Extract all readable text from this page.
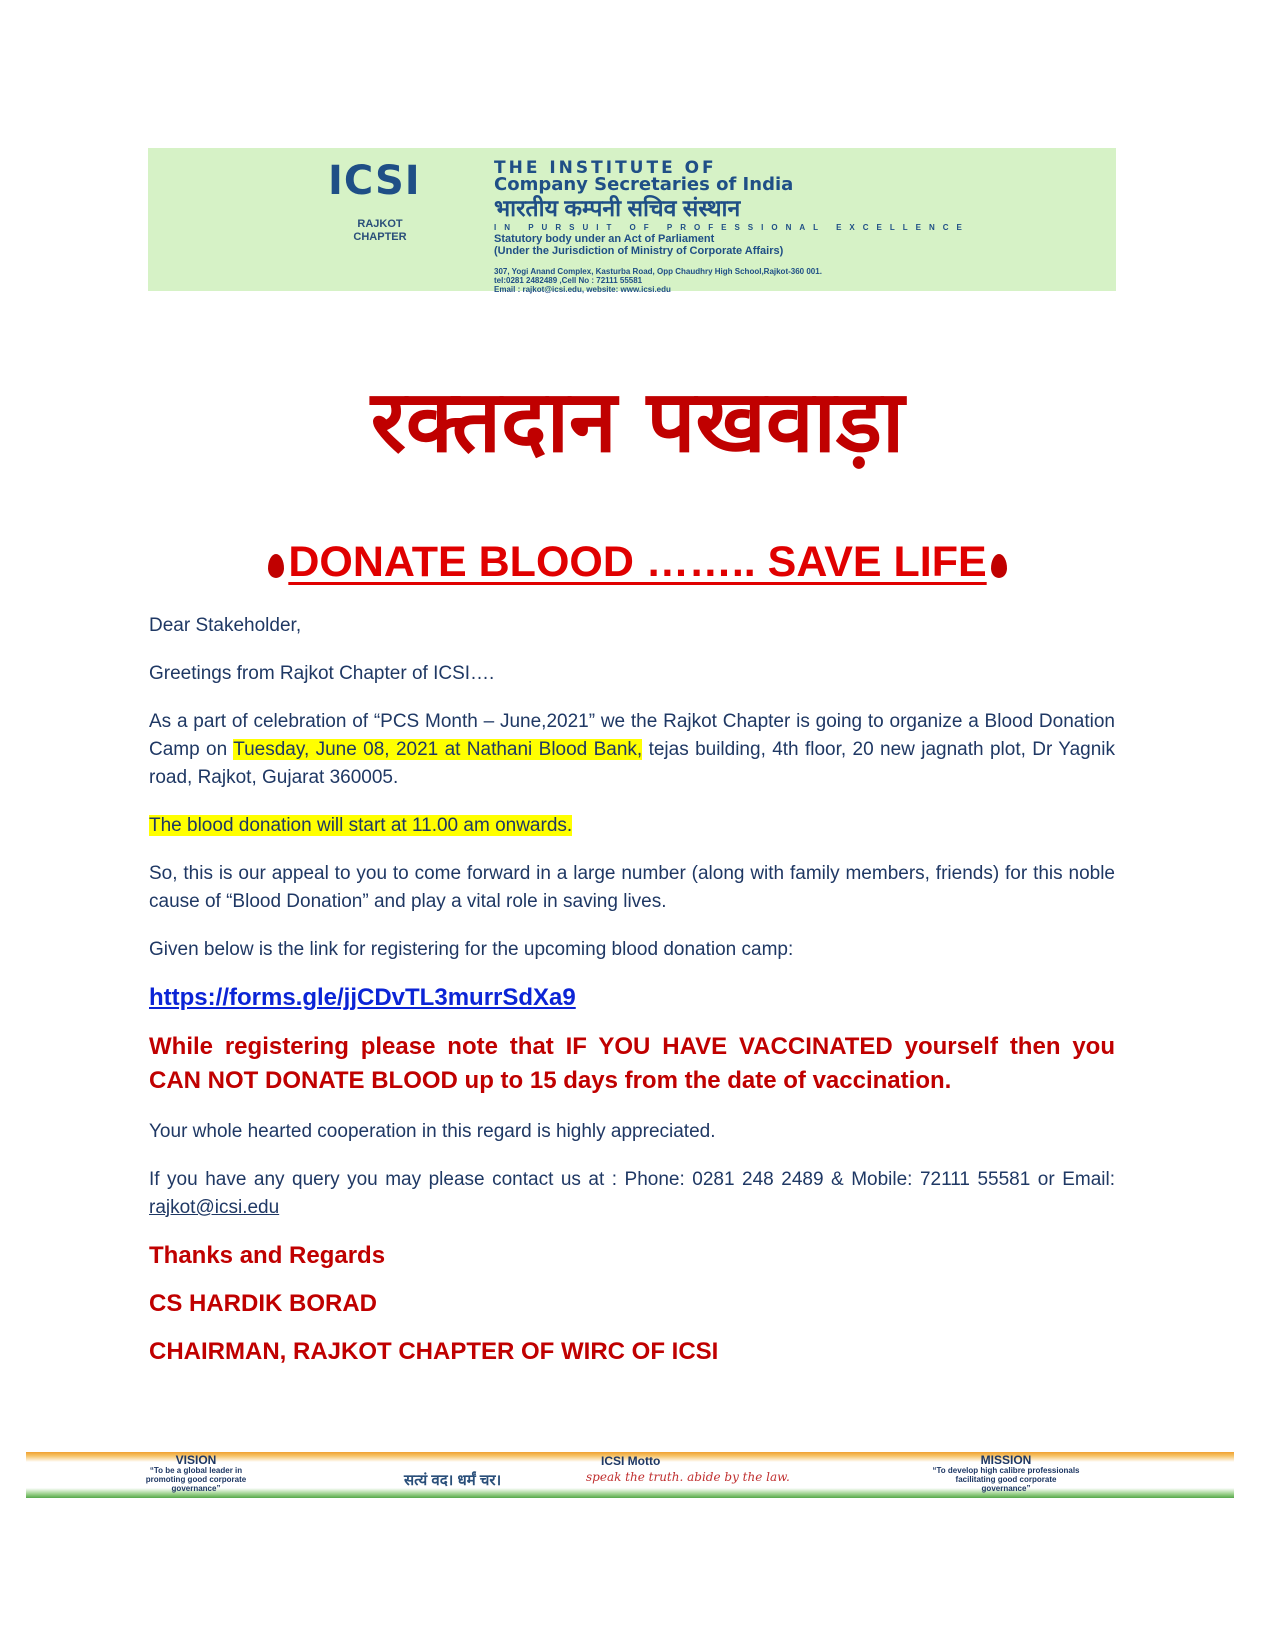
ICSI
RAJKOT CHAPTER
THE INSTITUTE OF
Company Secretaries of India
भारतीय कम्पनी सचिव संस्थान
IN PURSUIT OF PROFESSIONAL EXCELLENCE
Statutory body under an Act of Parliament
(Under the Jurisdiction of Ministry of Corporate Affairs)
307, Yogi Anand Complex, Kasturba Road, Opp Chaudhry High School,Rajkot-360 001.
tel:0281 2482489 ,Cell No : 72111 55581
Email : rajkot@icsi.edu, website: www.icsi.edu
रक्तदान पखवाड़ा
DONATE BLOOD …….. SAVE LIFE

Dear Stakeholder,

Greetings from Rajkot Chapter of ICSI….

As a part of celebration of “PCS Month – June,2021” we the Rajkot Chapter is going to organize a Blood Donation Camp on Tuesday, June 08, 2021 at Nathani Blood Bank, tejas building, 4th floor, 20 new jagnath plot, Dr Yagnik road, Rajkot, Gujarat 360005.

The blood donation will start at 11.00 am onwards.

So, this is our appeal to you to come forward in a large number (along with family members, friends) for this noble cause of “Blood Donation” and play a vital role in saving lives.

Given below is the link for registering for the upcoming blood donation camp:

https://forms.gle/jjCDvTL3murrSdXa9

While registering please note that IF YOU HAVE VACCINATED yourself then you CAN NOT DONATE BLOOD up to 15 days from the date of vaccination.

Your whole hearted cooperation in this regard is highly appreciated.

If you have any query you may please contact us at : Phone: 0281 248 2489 & Mobile: 72111 55581 or Email: rajkot@icsi.edu

Thanks and Regards
CS HARDIK BORAD
CHAIRMAN, RAJKOT CHAPTER OF WIRC OF ICSI
VISION
“To be a global leader in promoting good corporate governance”
ICSI Motto
सत्यं वद। धर्मं चर।	speak the truth. abide by the law.
MISSION
“To develop high calibre professionals facilitating good corporate governance”
